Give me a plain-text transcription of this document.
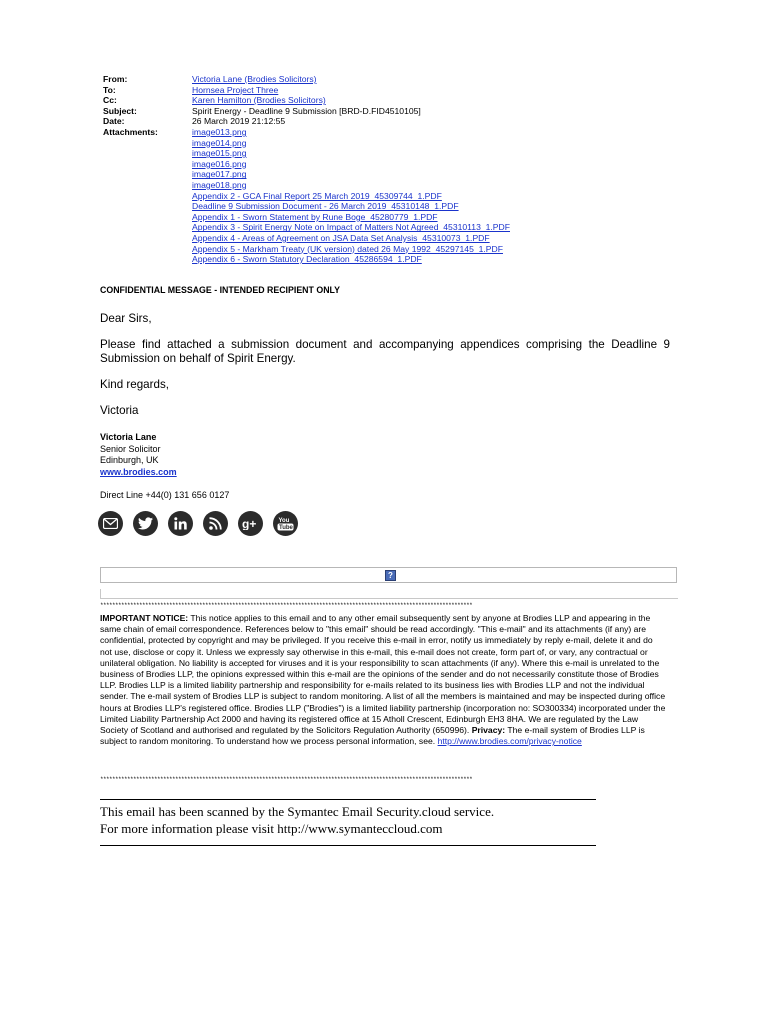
From:	Victoria Lane (Brodies Solicitors)
To:	Hornsea Project Three
Cc:	Karen Hamilton (Brodies Solicitors)
Subject:	Spirit Energy - Deadline 9 Submission [BRD-D.FID4510105]
Date:	26 March 2019 21:12:55
Attachments:	image013.png
image014.png
image015.png
image016.png
image017.png
image018.png
Appendix 2 - GCA Final Report 25 March 2019_45309744_1.PDF
Deadline 9 Submission Document - 26 March 2019_45310148_1.PDF
Appendix 1 - Sworn Statement by Rune Boge_45280779_1.PDF
Appendix 3 - Spirit Energy Note on Impact of Matters Not Agreed_45310113_1.PDF
Appendix 4 - Areas of Agreement on JSA Data Set Analysis_45310073_1.PDF
Appendix 5 - Markham Treaty (UK version) dated 26 May 1992_45297145_1.PDF
Appendix 6 - Sworn Statutory Declaration_45286594_1.PDF
CONFIDENTIAL MESSAGE - INTENDED RECIPIENT ONLY

Dear Sirs,

Please find attached a submission document and accompanying appendices comprising the Deadline 9 Submission on behalf of Spirit Energy.

Kind regards,

Victoria

Victoria Lane
Senior Solicitor
Edinburgh, UK
www.brodies.com
Direct Line +44(0) 131 656 0127
g+	You
Tube
?
****************************************************************************************************************************
IMPORTANT NOTICE: This notice applies to this email and to any other email subsequently sent by anyone at Brodies LLP and appearing in the same chain of email correspondence. References below to "this email" should be read accordingly. "This e-mail" and its attachments (if any) are confidential, protected by copyright and may be privileged. If you receive this e-mail in error, notify us immediately by reply e-mail, delete it and do not use, disclose or copy it. Unless we expressly say otherwise in this e-mail, this e-mail does not create, form part of, or vary, any contractual or unilateral obligation. No liability is accepted for viruses and it is your responsibility to scan attachments (if any). Where this e-mail is unrelated to the business of Brodies LLP, the opinions expressed within this e-mail are the opinions of the sender and do not necessarily constitute those of Brodies LLP. Brodies LLP is a limited liability partnership and responsibility for e-mails related to its business lies with Brodies LLP and not the individual sender. The e-mail system of Brodies LLP is subject to random monitoring. A list of all the members is maintained and may be inspected during office hours at Brodies LLP's registered office. Brodies LLP ("Brodies") is a limited liability partnership (incorporation no: SO300334) incorporated under the Limited Liability Partnership Act 2000 and having its registered office at 15 Atholl Crescent, Edinburgh EH3 8HA. We are regulated by the Law Society of Scotland and authorised and regulated by the Solicitors Regulation Authority (650996). Privacy: The e-mail system of Brodies LLP is subject to random monitoring. To understand how we process personal information, see. http://www.brodies.com/privacy-notice
****************************************************************************************************************************
This email has been scanned by the Symantec Email Security.cloud service.
For more information please visit http://www.symanteccloud.com
